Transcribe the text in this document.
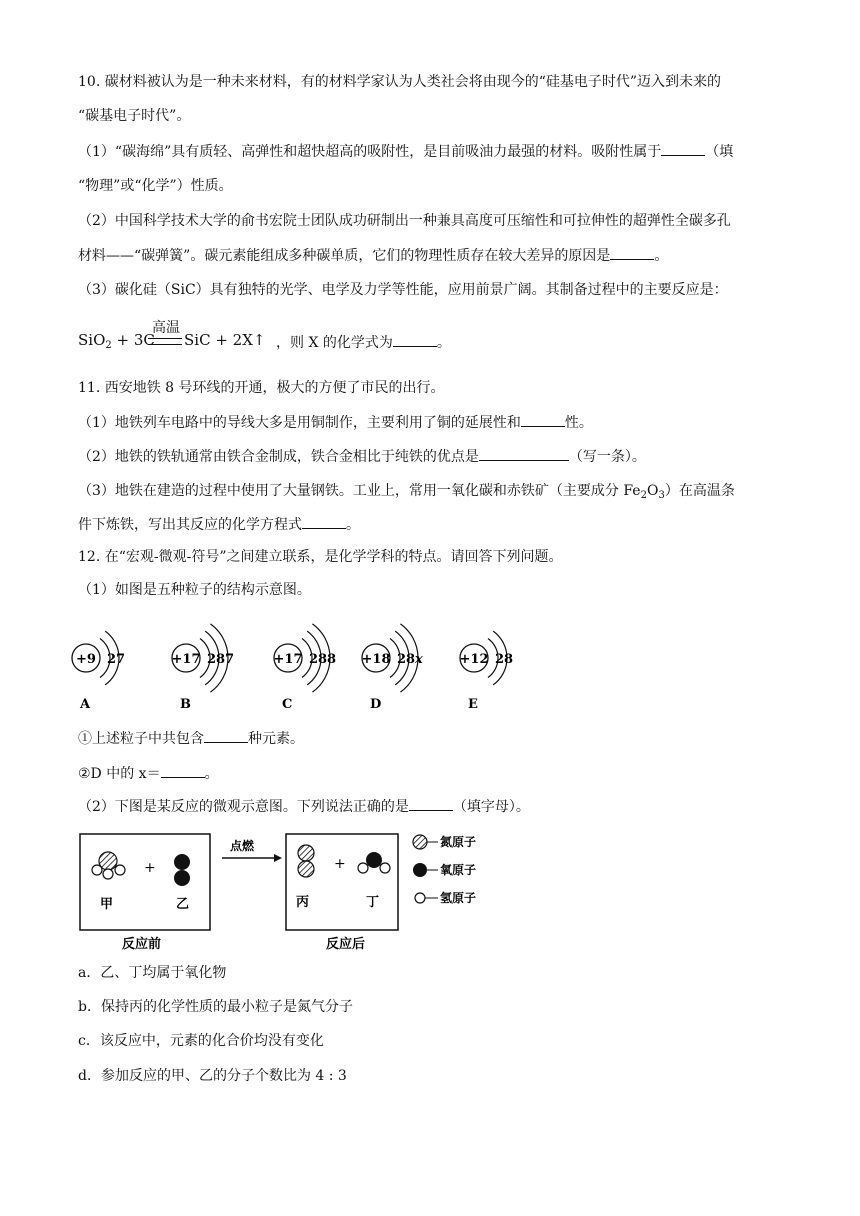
10. 碳材料被认为是一种未来材料，有的材料学家认为人类社会将由现今的“硅基电子时代”迈入到未来的
“碳基电子时代”。
（1）“碳海绵”具有质轻、高弹性和超快超高的吸附性，是目前吸油力最强的材料。吸附性属于	（填
“物理”或“化学”）性质。
（2）中国科学技术大学的俞书宏院士团队成功研制出一种兼具高度可压缩性和可拉伸性的超弹性全碳多孔
材料——“碳弹簧”。碳元素能组成多种碳单质，它们的物理性质存在较大差异的原因是	。
（3）碳化硅（SiC）具有独特的光学、电学及力学等性能，应用前景广阔。其制备过程中的主要反应是：
SiO$_2$ + 3C
高温
SiC + 2X↑ ，则 X 的化学式为	。
11. 西安地铁 8 号环线的开通，极大的方便了市民的出行。
（1）地铁列车电路中的导线大多是用铜制作，主要利用了铜的延展性和	性。
（2）地铁的铁轨通常由铁合金制成，铁合金相比于纯铁的优点是	（写一条）。
（3）地铁在建造的过程中使用了大量钢铁。工业上，常用一氧化碳和赤铁矿（主要成分 $Fe_2O_3$）在高温条
件下炼铁，写出其反应的化学方程式	。
12. 在“宏观-微观-符号”之间建立联系，是化学学科的特点。请回答下列问题。
（1）如图是五种粒子的结构示意图。
+9 2 7
A
+17 2 8 7
B
+17 2 8 8
C
+18 2 8 x
D
+12 2 8
E
①上述粒子中共包含	种元素。
②D 中的 x＝	。
（2）下图是某反应的微观示意图。下列说法正确的是	（填字母）。
+
甲	乙
反应前
点燃
+
丙	丁
反应后
氮原子
氧原子
氢原子
a．乙、丁均属于氧化物
b．保持丙的化学性质的最小粒子是氮气分子
c．该反应中，元素的化合价均没有变化
d．参加反应的甲、乙的分子个数比为 4 : 3
